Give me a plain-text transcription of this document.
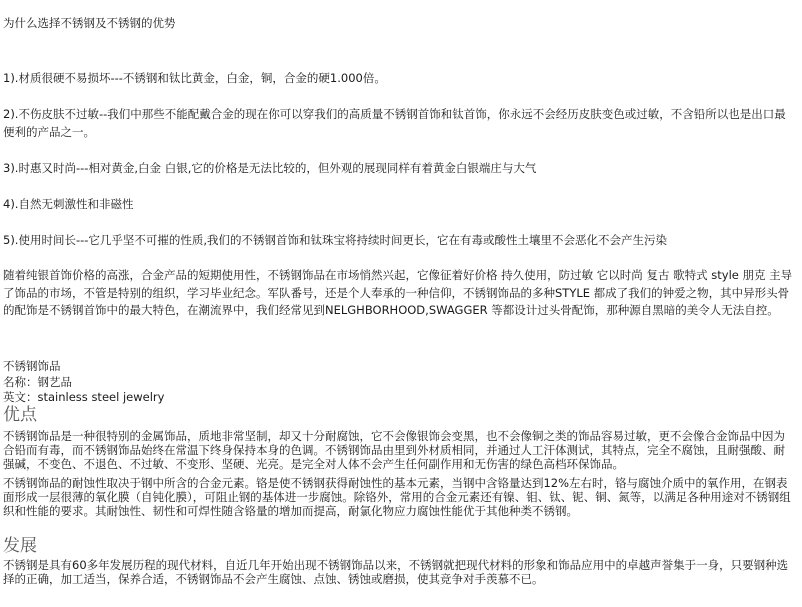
为什么选择不锈钢及不锈钢的优势
1).材质很硬不易损坏---不锈钢和钛比黄金，白金，铜，合金的硬1.000倍。
2).不伤皮肤不过敏--我们中那些不能配戴合金的现在你可以穿我们的高质量不锈钢首饰和钛首饰，你永远不会经历皮肤变色或过敏，不含铅所以也是出口最便利的产品之一。
3).时惠又时尚---相对黄金,白金 白银,它的价格是无法比较的，但外观的展现同样有着黄金白银端庄与大气
4).自然无刺激性和非磁性
5).使用时间长---它几乎坚不可摧的性质,我们的不锈钢首饰和钛珠宝将持续时间更长，它在有毒或酸性土壤里不会恶化不会产生污染
随着纯银首饰价格的高涨，合金产品的短期使用性，不锈钢饰品在市场悄然兴起，它像征着好价格 持久使用，防过敏 它以时尚 复古 歌特式 style 朋克 主导了饰品的市场，不管是特别的组织，学习毕业纪念。军队番号，还是个人奉承的一种信仰，不锈钢饰品的多种STYLE 都成了我们的钟爱之物，其中异形头骨的配饰是不锈钢首饰中的最大特色，在潮流界中，我们经常见到NELGHBORHOOD,SWAGGER 等都设计过头骨配饰，那种源自黑暗的美令人无法自控。
不锈钢饰品
名称：钢艺品
英文：stainless steel jewelry
优点
不锈钢饰品是一种很特别的金属饰品，质地非常坚制，却又十分耐腐蚀，它不会像银饰会变黑，也不会像铜之类的饰品容易过敏，更不会像合金饰品中因为合铅而有毒，而不锈钢饰品始终在常温下终身保持本身的色调。不锈钢饰品由里到外材质相同，并通过人工汗体测试，其特点，完全不腐蚀，且耐强酸、耐强碱，不变色、不退色、不过敏、不变形、坚硬、光亮。是完全对人体不会产生任何副作用和无伤害的绿色高档环保饰品。
不锈钢饰品的耐蚀性取决于钢中所含的合金元素。铬是使不锈钢获得耐蚀性的基本元素，当钢中含铬量达到12%左右时，铬与腐蚀介质中的氧作用，在钢表面形成一层很薄的氧化膜（自钝化膜），可阻止钢的基体进一步腐蚀。除铬外，常用的合金元素还有镍、钼、钛、铌、铜、氮等，以满足各种用途对不锈钢组织和性能的要求。其耐蚀性、韧性和可焊性随含铬量的增加而提高，耐氯化物应力腐蚀性能优于其他种类不锈钢。
发展
不锈钢是具有60多年发展历程的现代材料，自近几年开始出现不锈钢饰品以来，不锈钢就把现代材料的形象和饰品应用中的卓越声誉集于一身，只要钢种选择的正确，加工适当，保养合适，不锈钢饰品不会产生腐蚀、点蚀、锈蚀或磨损，使其竞争对手羡慕不已。
